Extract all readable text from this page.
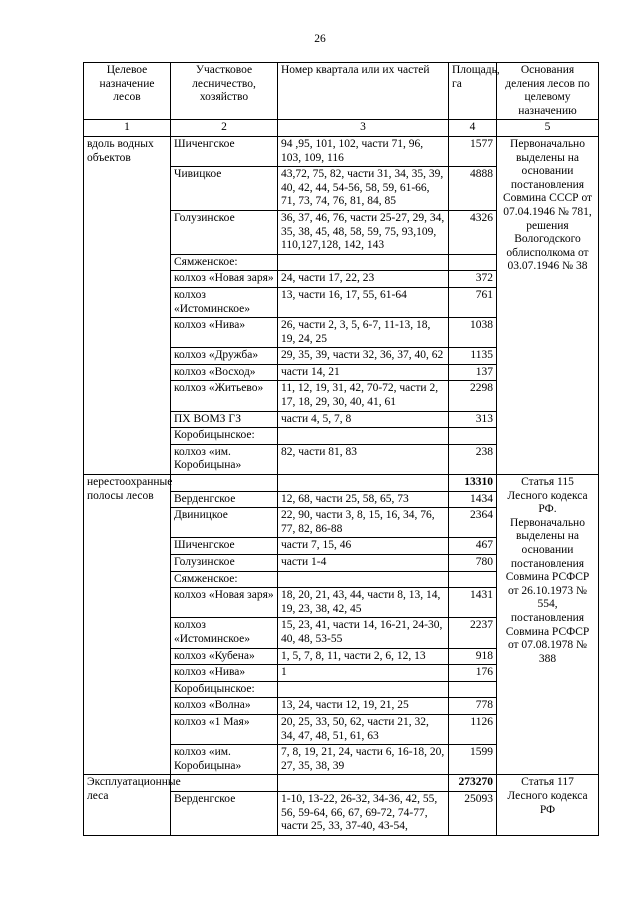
26
Целевое назначение лесов	Участковое лесничество, хозяйство	Номер квартала или их частей	Площадь, га	Основания деления лесов по целевому назначению
1	2	3	4	5
вдоль водных объектов	Шиченгское	94 ,95, 101, 102, части 71, 96, 103, 109, 116	1577	Первоначально выделены на основании постановления Совмина СССР от 07.04.1946 № 781, решения Вологодского облисполкома от 03.07.1946 № 38
	Чивицкое	43,72, 75, 82, части 31, 34, 35, 39, 40, 42, 44, 54-56, 58, 59, 61-66, 71, 73, 74, 76, 81, 84, 85	4888	
	Голузинское	36, 37, 46, 76, части 25-27, 29, 34, 35, 38, 45, 48, 58, 59, 75, 93,109, 110,127,128, 142, 143	4326	
	Сямженское:			
	колхоз «Новая заря»	24, части 17, 22, 23	372	
	колхоз «Истоминское»	13, части 16, 17, 55, 61-64	761	
	колхоз «Нива»	26, части 2, 3, 5, 6-7, 11-13, 18, 19, 24, 25	1038	
	колхоз «Дружба»	29, 35, 39, части 32, 36, 37, 40, 62	1135	
	колхоз «Восход»	части 14, 21	137	
	колхоз «Житьево»	11, 12, 19, 31, 42, 70-72, части 2, 17, 18, 29, 30, 40, 41, 61	2298	
	ПХ ВОМЗ ГЗ	части 4, 5, 7, 8	313	
	Коробицынское:			
	колхоз «им. Коробицына»	82, части 81, 83	238	
нерестоохранные полосы лесов			13310	Статья 115 Лесного кодекса РФ. Первоначально выделены на основании постановления Совмина РСФСР от 26.10.1973 № 554, постановления Совмина РСФСР от 07.08.1978 № 388
	Верденгское	12, 68, части 25, 58, 65, 73	1434	
	Двиницкое	22, 90, части 3, 8, 15, 16, 34, 76, 77, 82, 86-88	2364	
	Шиченгское	части 7, 15, 46	467	
	Голузинское	части 1-4	780	
	Сямженское:			
	колхоз «Новая заря»	18, 20, 21, 43, 44, части 8, 13, 14, 19, 23, 38, 42, 45	1431	
	колхоз «Истоминское»	15, 23, 41, части 14, 16-21, 24-30, 40, 48, 53-55	2237	
	колхоз «Кубена»	1, 5, 7, 8, 11, части 2, 6, 12, 13	918	
	колхоз «Нива»	1	176	
	Коробицынское:			
	колхоз «Волна»	13, 24, части 12, 19, 21, 25	778	
	колхоз «1 Мая»	20, 25, 33, 50, 62, части 21, 32, 34, 47, 48, 51, 61, 63	1126	
	колхоз «им. Коробицына»	7, 8, 19, 21, 24, части 6, 16-18, 20, 27, 35, 38, 39	1599	
Эксплуатационные леса			273270	Статья 117 Лесного кодекса РФ
	Верденгское	1-10, 13-22, 26-32, 34-36, 42, 55, 56, 59-64, 66, 67, 69-72, 74-77, части 25, 33, 37-40, 43-54,	25093	
